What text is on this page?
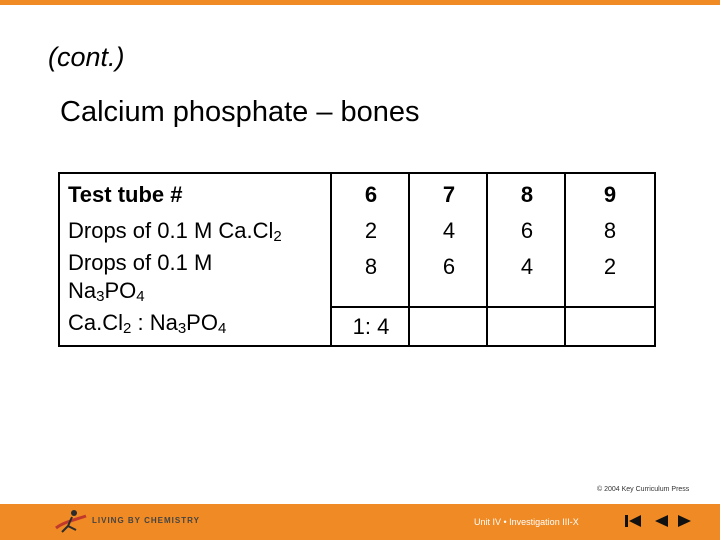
(cont.)
Calcium phosphate – bones
Test tube #
Drops of 0.1 M $Ca.Cl_2$
Drops of 0.1 M
$Na_3PO_4$
$Ca.Cl_2$ : $Na_3PO_4$
6
2
8
7
4
6
8
6
4
9
8
2
1: 4
© 2004 Key Curriculum Press
LIVING BY CHEMISTRY	Unit IV • Investigation III-X
